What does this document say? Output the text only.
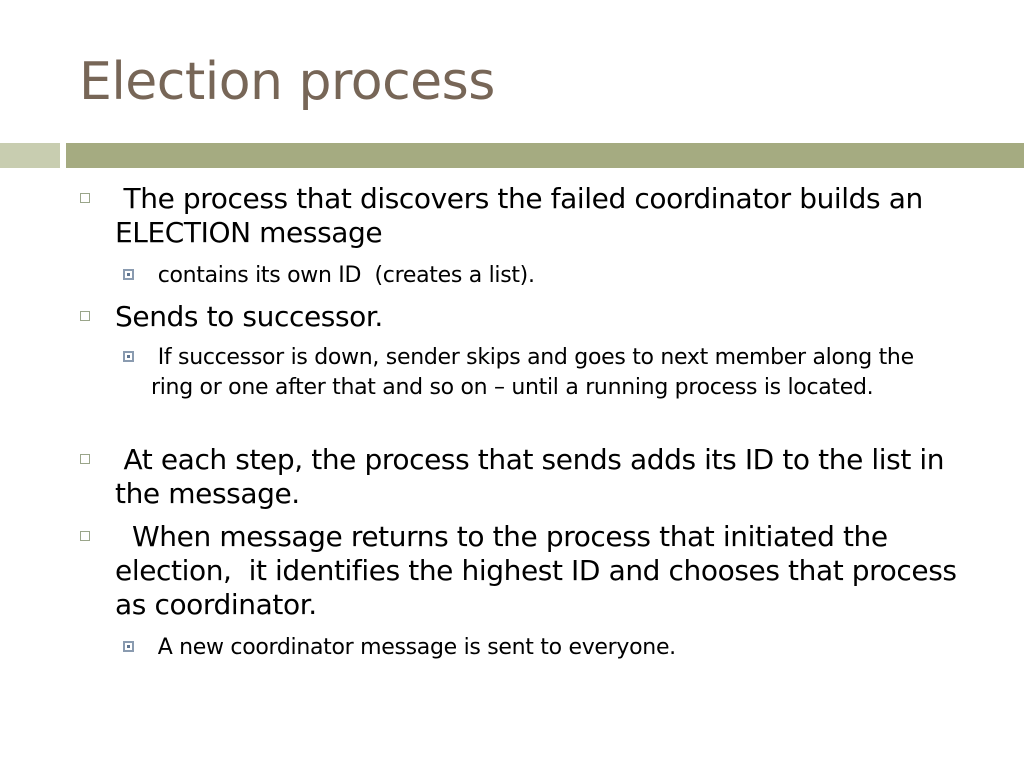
Election process
The process that discovers the failed coordinator builds an ELECTION message
contains its own ID  (creates a list).
Sends to successor.
If successor is down, sender skips and goes to next member along the ring or one after that and so on – until a running process is located.
At each step, the process that sends adds its ID to the list in the message.
When message returns to the process that initiated the election,  it identifies the highest ID and chooses that process as coordinator.
A new coordinator message is sent to everyone.
